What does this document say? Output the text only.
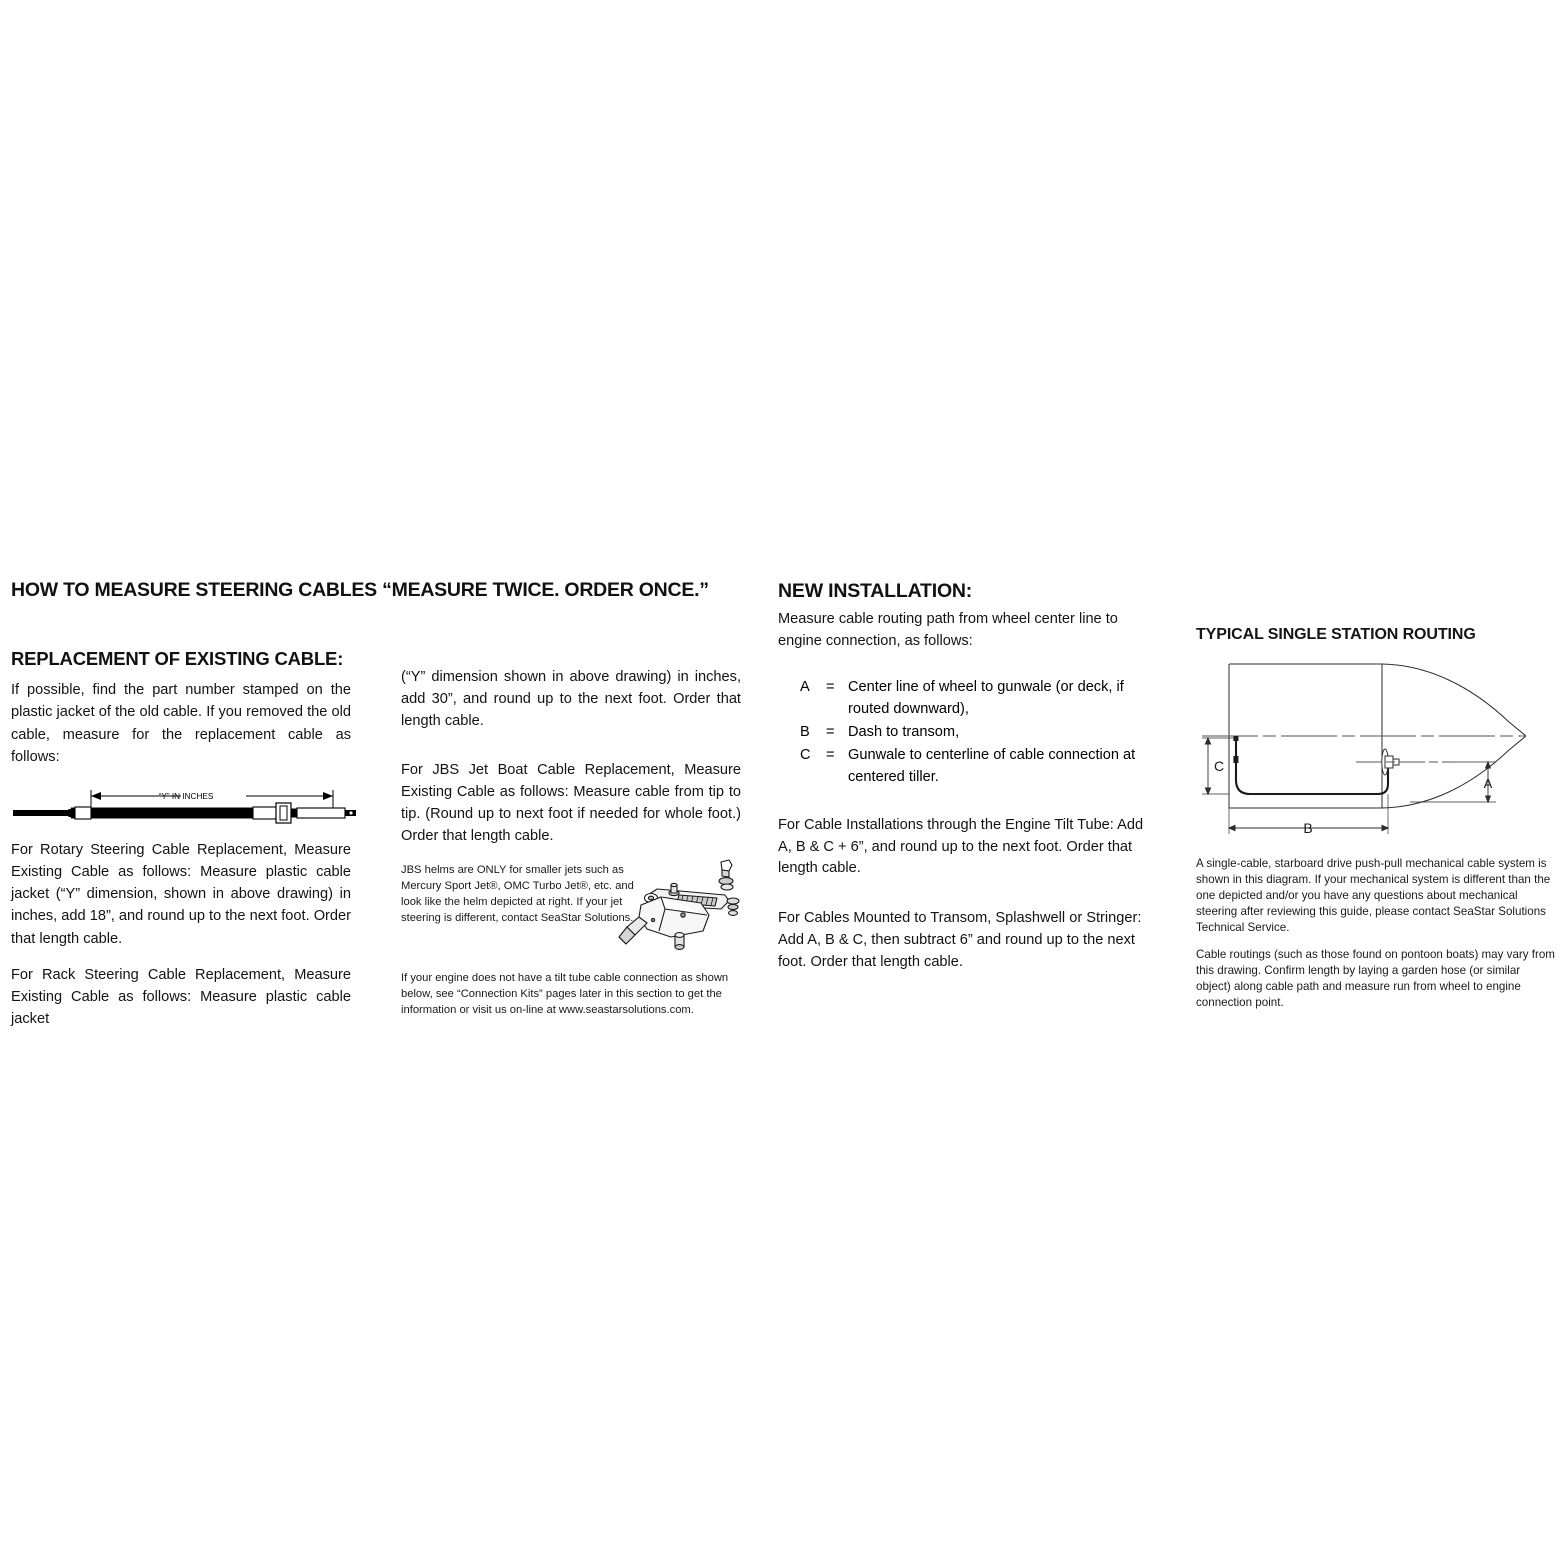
HOW TO MEASURE STEERING CABLES “MEASURE TWICE. ORDER ONCE.”
REPLACEMENT OF EXISTING CABLE:

If possible, find the part number stamped on the plastic jacket of the old cable. If you removed the old cable, measure for the replacement cable as follows:

“Y” IN INCHES

For Rotary Steering Cable Replacement, Measure Existing Cable as follows: Measure plastic cable jacket (“Y” dimension, shown in above drawing) in inches, add 18”, and round up to the next foot. Order that length cable.

For Rack Steering Cable Replacement, Measure Existing Cable as follows: Measure plastic cable jacket

(“Y” dimension shown in above drawing) in inches, add 30”, and round up to the next foot. Order that length cable.

For JBS Jet Boat Cable Replacement, Measure Existing Cable as follows: Measure cable from tip to tip. (Round up to next foot if needed for whole foot.) Order that length cable.

JBS helms are ONLY for smaller jets such as Mercury Sport Jet®, OMC Turbo Jet®, etc. and look like the helm depicted at right. If your jet steering is different, contact SeaStar Solutions.

If your engine does not have a tilt tube cable connection as shown below, see “Connection Kits” pages later in this section to get the information or visit us on-line at www.seastarsolutions.com.

NEW INSTALLATION:

Measure cable routing path from wheel center line to engine connection, as follows:

A	= Center line of wheel to gunwale (or deck, if routed downward),
B	= Dash to transom,
C	= Gunwale to centerline of cable connection at centered tiller.

For Cable Installations through the Engine Tilt Tube: Add A, B & C + 6”, and round up to the next foot. Order that length cable.

For Cables Mounted to Transom, Splashwell or Stringer: Add A, B & C, then subtract 6” and round up to the next foot. Order that length cable.

TYPICAL SINGLE STATION ROUTING
C
B
A

A single-cable, starboard drive push-pull mechanical cable system is shown in this diagram. If your mechanical system is different than the one depicted and/or you have any questions about mechanical steering after reviewing this guide, please contact SeaStar Solutions Technical Service.

Cable routings (such as those found on pontoon boats) may vary from this drawing. Confirm length by laying a garden hose (or similar object) along cable path and measure run from wheel to engine connection point.
